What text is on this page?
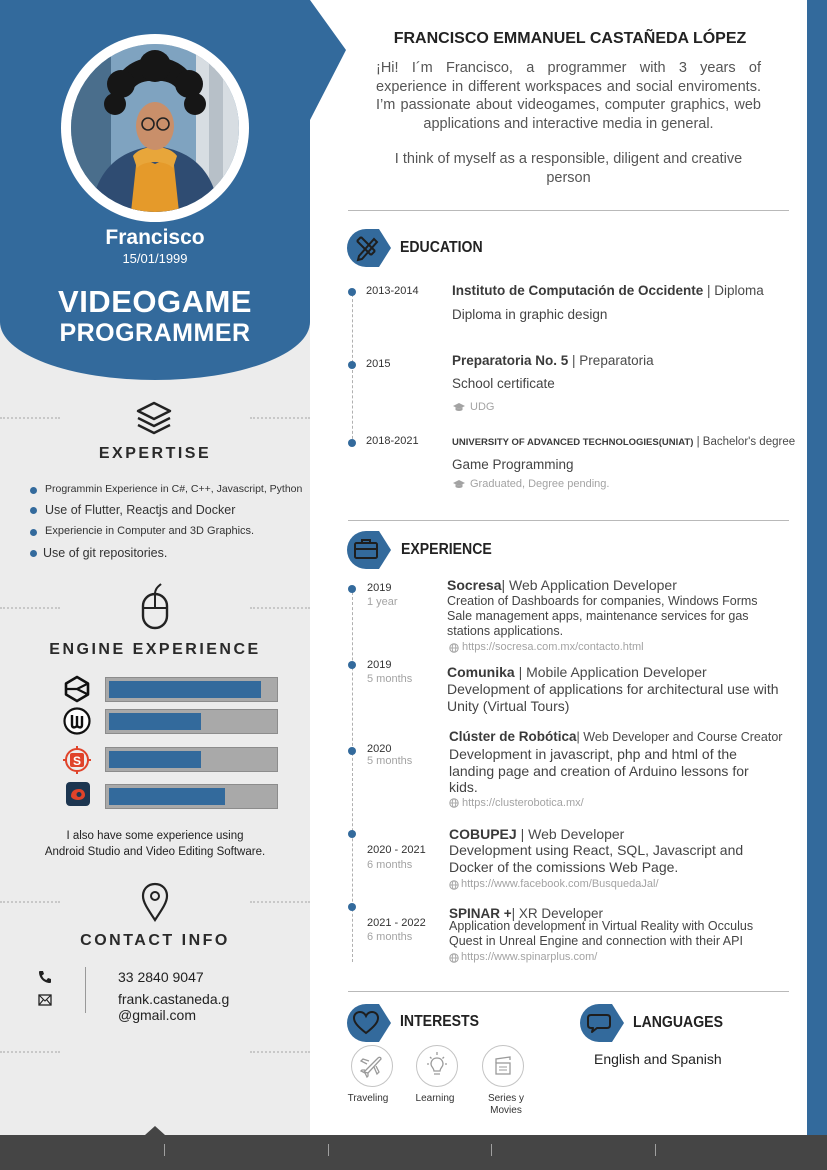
Francisco
15/01/1999
VIDEOGAME
PROGRAMMER
EXPERTISE
Programmin Experience in C#, C++, Javascript, Python
Use of Flutter, Reactjs and Docker
Experiencie in Computer and 3D Graphics.
Use of git repositories.
ENGINE EXPERIENCE
S
I also have some experience using
Android Studio and Video Editing Software.
CONTACT INFO
33 2840 9047
frank.castaneda.g
@gmail.com
FRANCISCO EMMANUEL CASTAÑEDA LÓPEZ
¡Hi! I´m Francisco, a programmer with 3 years of experience in different workspaces and social enviroments. I’m passionate about videogames, computer graphics, web applications and interactive media in general.
I think of myself as a responsible, diligent and creative person
EDUCATION
2013-2014 Instituto de Computación de Occidente | Diploma
Diploma in graphic design
2015	Preparatoria No. 5 | Preparatoria
School certificate
UDG
2018-2021	UNIVERSITY OF ADVANCED TECHNOLOGIES(UNIAT) | Bachelor's degree
Game Programming
Graduated, Degree pending.
EXPERIENCE
2019
1 year
Socresa| Web Application Developer
Creation of Dashboards for companies, Windows Forms Sale management apps, maintenance services for gas stations applications.
https://socresa.com.mx/contacto.html
2019
5 months Comunika | Mobile Application Developer
Development of applications for architectural use with Unity (Virtual Tours)
2020
5 months
Clúster de Robótica| Web Developer and Course Creator
Development in javascript, php and html of the landing page and creation of Arduino lessons for kids.
https://clusterobotica.mx/
2020 - 2021
6 months
COBUPEJ | Web Developer
Development using React, SQL, Javascript and Docker of the comissions Web Page.
https://www.facebook.com/BusquedaJal/
2021 - 2022
6 months
SPINAR +| XR Developer
Application development in Virtual Reality with Occulus Quest in Unreal Engine and connection with their API
https://www.spinarplus.com/
INTERESTS
Traveling	Learning	Series y Movies
LANGUAGES
English and Spanish
